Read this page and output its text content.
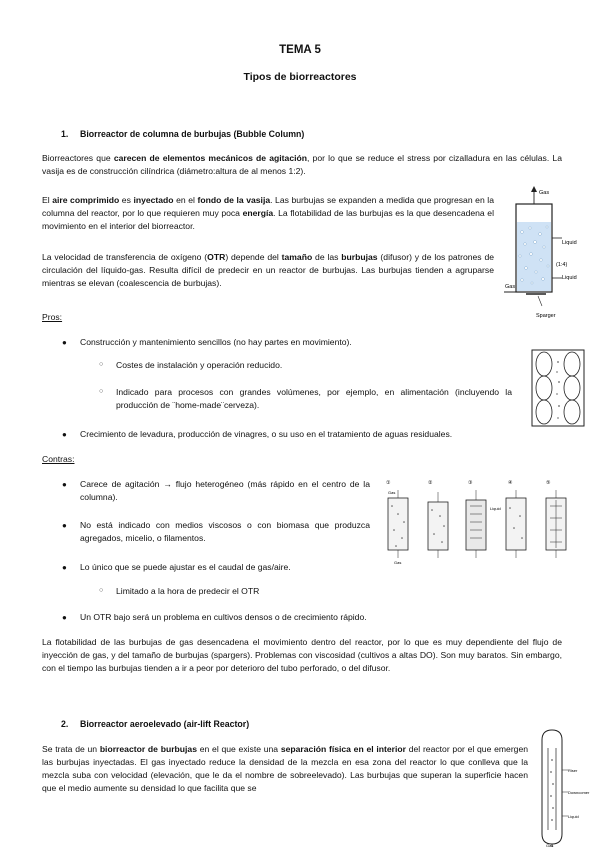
TEMA 5
Tipos de biorreactores
1. Biorreactor de columna de burbujas (Bubble Column)
Biorreactores que carecen de elementos mecánicos de agitación, por lo que se reduce el stress por cizalladura en las células. La vasija es de construcción cilíndrica (diámetro:altura de al menos 1:2).
El aire comprimido es inyectado en el fondo de la vasija. Las burbujas se expanden a medida que progresan en la columna del reactor, por lo que requieren muy poca energía. La flotabilidad de las burbujas es la que desencadena el movimiento en el interior del biorreactor.
La velocidad de transferencia de oxígeno (OTR) depende del tamaño de las burbujas (difusor) y de los patrones de circulación del líquido-gas. Resulta difícil de predecir en un reactor de burbujas. Las burbujas tienden a agruparse mientras se elevan (coalescencia de burbujas).
Gas
Liquid
(1:4)
Liquid
Gas
Sparger
Pros:
● Construcción y mantenimiento sencillos (no hay partes en movimiento).
○ Costes de instalación y operación reducido.
○ Indicado para procesos con grandes volúmenes, por ejemplo, en alimentación (incluyendo la producción de ¨home-made¨cerveza).
● Crecimiento de levadura, producción de vinagres, o su uso en el tratamiento de aguas residuales.
Contras:
● Carece de agitación → flujo heterogéneo (más rápido en el centro de la columna).
● No está indicado con medios viscosos o con biomasa que produzca agregados, micelio, o filamentos.
● Lo único que se puede ajustar es el caudal de gas/aire.
○ Limitado a la hora de predecir el OTR
● Un OTR bajo será un problema en cultivos densos o de crecimiento rápido.
①	②	③	④	⑤
Gas
Liquid
Gas
La flotabilidad de las burbujas de gas desencadena el movimiento dentro del reactor, por lo que es muy dependiente del flujo de inyección de gas, y del tamaño de burbujas (spargers). Problemas con viscosidad (cultivos a altas DO). Son muy baratos. Sin embargo, con el tiempo las burbujas tienden a ir a peor por deterioro del tubo perforado, o del difusor.
2. Biorreactor aeroelevado (air-lift Reactor)
Se trata de un biorreactor de burbujas en el que existe una separación física en el interior del reactor por el que emergen las burbujas inyectadas. El gas inyectado reduce la densidad de la mezcla en esa zona del reactor lo que conlleva que la mezcla suba con velocidad (elevación, que le da el nombre de sobreelevado). Las burbujas que superan la superficie hacen que el medio aumente su densidad lo que facilita que se
Riser
Downcomer
Liquid
Gas
